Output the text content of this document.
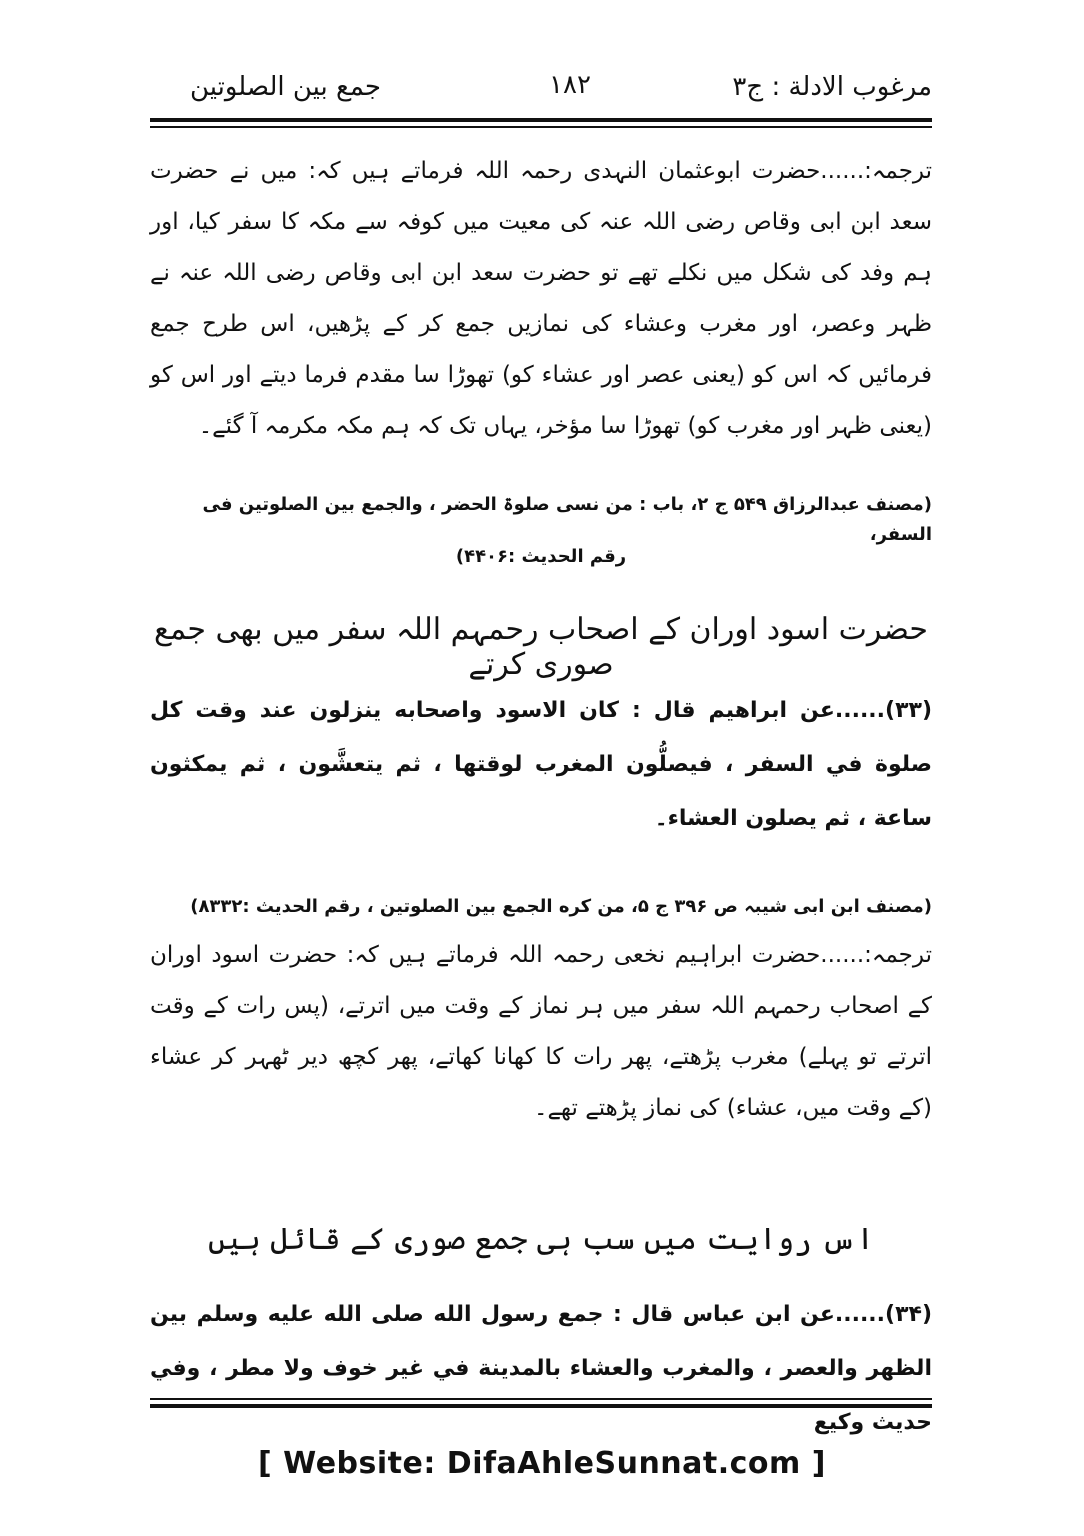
مرغوب الادلة : ج۳
۱۸۲
جمع بین الصلوتین
ترجمہ:......حضرت ابوعثمان النہدی رحمہ اللہ فرماتے ہیں کہ: میں نے حضرت سعد ابن ابی وقاص رضی اللہ عنہ کی معیت میں کوفہ سے مکہ کا سفر کیا، اور ہم وفد کی شکل میں نکلے تھے تو حضرت سعد ابن ابی وقاص رضی اللہ عنہ نے ظہر وعصر، اور مغرب وعشاء کی نمازیں جمع کر کے پڑھیں، اس طرح جمع فرمائیں کہ اس کو (یعنی عصر اور عشاء کو) تھوڑا سا مقدم فرما دیتے اور اس کو (یعنی ظہر اور مغرب کو) تھوڑا سا مؤخر، یہاں تک کہ ہم مکہ مکرمہ آ گئے۔
(مصنف عبدالرزاق ۵۴۹ ج ۲، باب : من نسی صلوۃ الحضر ، والجمع بین الصلوتین فی السفر،
رقم الحدیث :۴۴۰۶)
حضرت اسود اوران کے اصحاب رحمہم اللہ سفر میں بھی جمع صوری کرتے
(۳۳)......عن ابراهيم قال : كان الاسود واصحابه ينزلون عند وقت كل صلوة في السفر ، فيصلُّون المغرب لوقتها ، ثم يتعشَّون ، ثم يمكثون ساعة ، ثم يصلون العشاء۔
(مصنف ابن ابی شیبہ ص ۳۹۶ ج ۵، من كره الجمع بين الصلوتين ، رقم الحديث :۸۳۳۲)
ترجمہ:......حضرت ابراہیم نخعی رحمہ اللہ فرماتے ہیں کہ: حضرت اسود اوران کے اصحاب رحمہم اللہ سفر میں ہر نماز کے وقت میں اترتے، (پس رات کے وقت اترتے تو پہلے) مغرب پڑھتے، پھر رات کا کھانا کھاتے، پھر کچھ دیر ٹھہر کر عشاء (کے وقت میں، عشاء) کی نماز پڑھتے تھے۔
اس روایت میں سب ہی جمع صوری کے قائل ہیں
(۳۴)......عن ابن عباس قال : جمع رسول الله صلى الله عليه وسلم بين الظهر والعصر ، والمغرب والعشاء بالمدينة في غير خوف ولا مطر ، وفي حديث وكيع
[ Website: DifaAhleSunnat.com ]
